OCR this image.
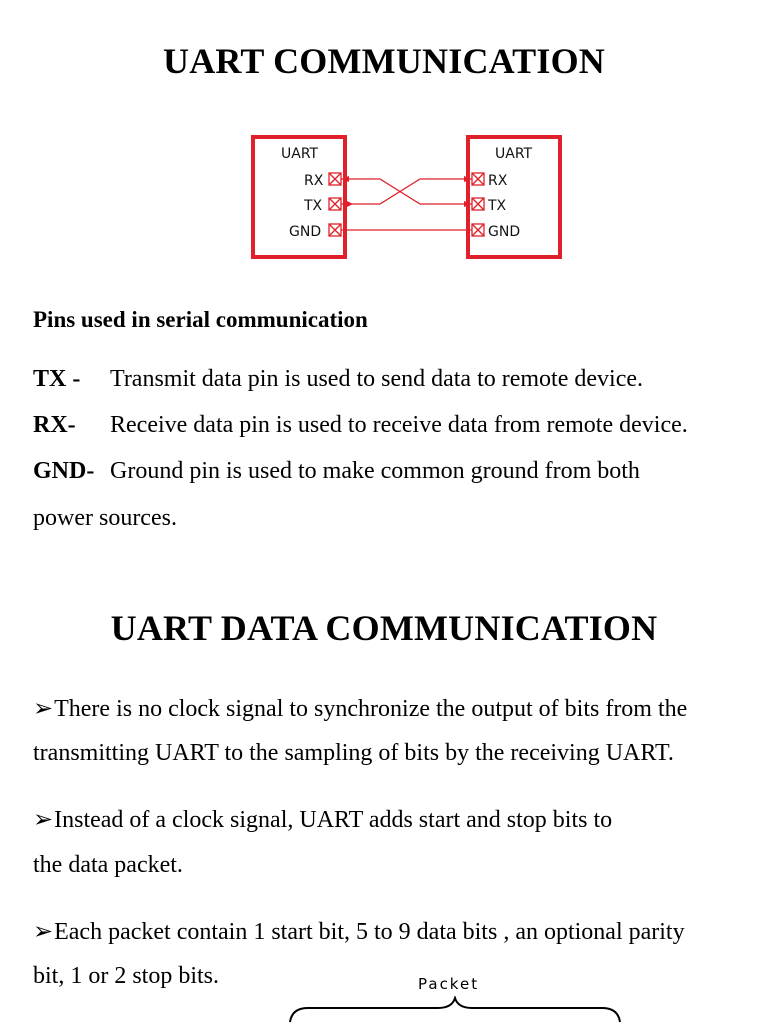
UART COMMUNICATION
UART
RX
TX
GND
UART
RX
TX
GND
Pins used in serial communication
TX - Transmit data pin is used to send data to remote device.
RX- Receive data pin is used to receive data from remote device.
GND- Ground pin is used to make common ground from both
power sources.
UART DATA COMMUNICATION
➢There is no clock signal to synchronize the output of bits from the
transmitting UART to the sampling of bits by the receiving UART.
➢Instead of a clock signal, UART adds start and stop bits to
the data packet.
➢Each packet contain 1 start bit, 5 to 9 data bits , an optional parity
bit, 1 or 2 stop bits.	Packet
